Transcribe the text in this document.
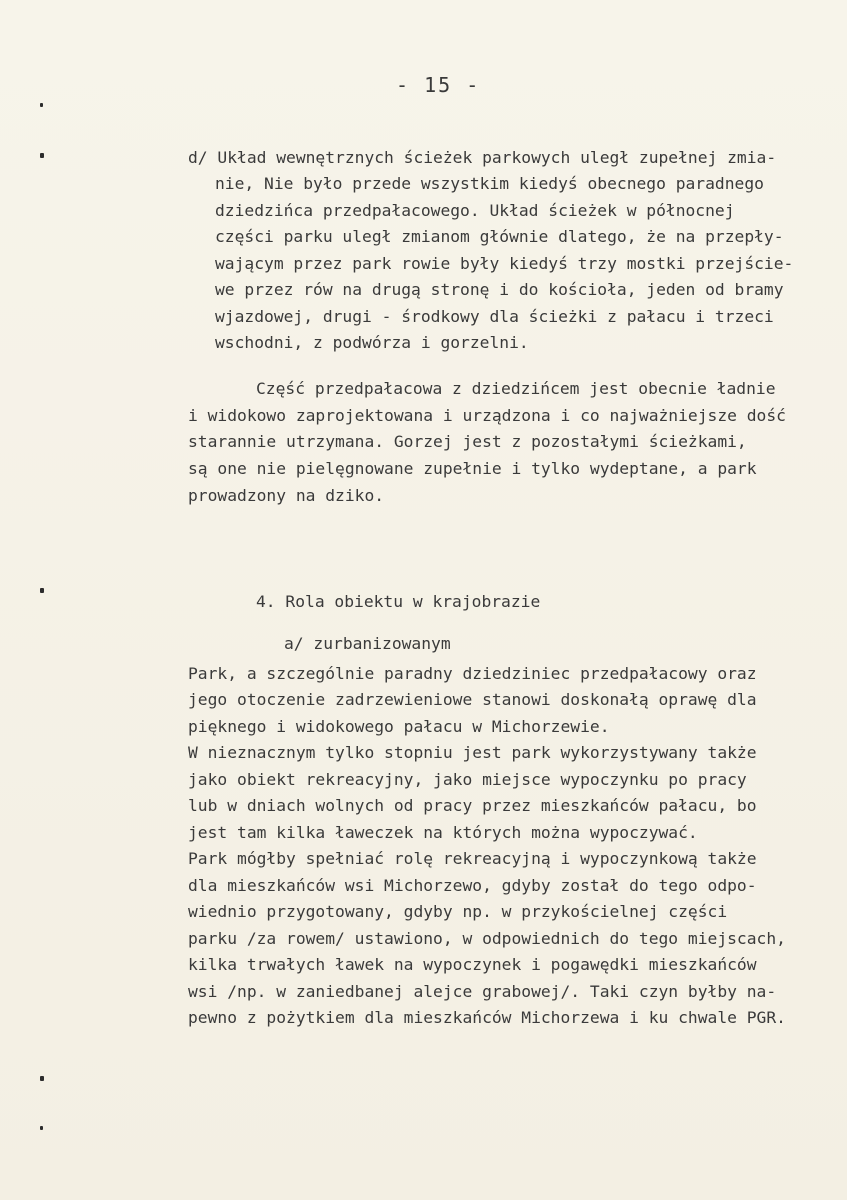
- 15 -
d/ Układ wewnętrznych ścieżek parkowych uległ zupełnej zmia-
nie, Nie było przede wszystkim kiedyś obecnego paradnego
dziedzińca przedpałacowego. Układ ścieżek w północnej
części parku uległ zmianom głównie dlatego, że na przepły-
wającym przez park rowie były kiedyś trzy mostki przejście-
we przez rów na drugą stronę i do kościoła, jeden od bramy
wjazdowej, drugi - środkowy dla ścieżki z pałacu i trzeci
wschodni, z podwórza i gorzelni.
Część przedpałacowa z dziedzińcem jest obecnie ładnie
i widokowo zaprojektowana i urządzona i co najważniejsze dość
starannie utrzymana. Gorzej jest z pozostałymi ścieżkami,
są one nie pielęgnowane zupełnie i tylko wydeptane, a park
prowadzony na dziko.
4. Rola obiektu w krajobrazie
a/ zurbanizowanym
Park, a szczególnie paradny dziedziniec przedpałacowy oraz
jego otoczenie zadrzewieniowe stanowi doskonałą oprawę dla
pięknego i widokowego pałacu w Michorzewie.
W nieznacznym tylko stopniu jest park wykorzystywany także
jako obiekt rekreacyjny, jako miejsce wypoczynku po pracy
lub w dniach wolnych od pracy przez mieszkańców pałacu, bo
jest tam kilka ławeczek na których można wypoczywać.
Park mógłby spełniać rolę rekreacyjną i wypoczynkową także
dla mieszkańców wsi Michorzewo, gdyby został do tego odpo-
wiednio przygotowany, gdyby np. w przykościelnej części
parku /za rowem/ ustawiono, w odpowiednich do tego miejscach,
kilka trwałych ławek na wypoczynek i pogawędki mieszkańców
wsi /np. w zaniedbanej alejce grabowej/. Taki czyn byłby na-
pewno z pożytkiem dla mieszkańców Michorzewa i ku chwale PGR.
